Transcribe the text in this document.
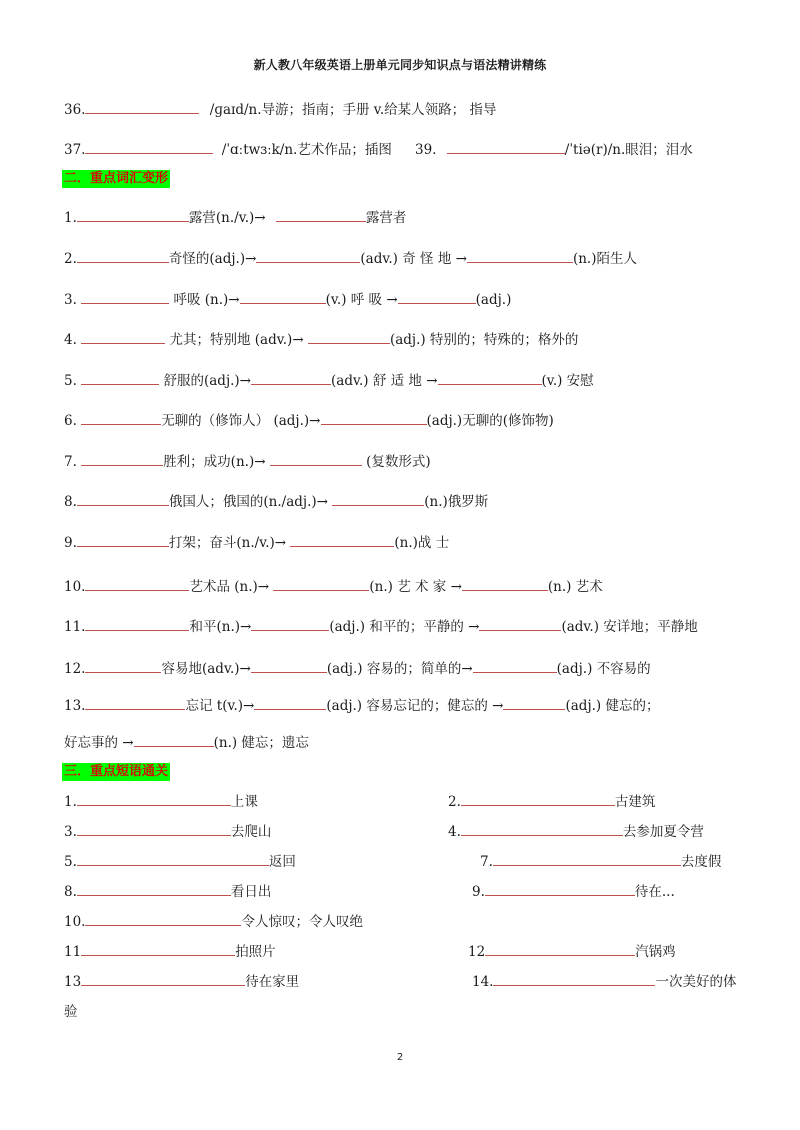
新人教八年级英语上册单元同步知识点与语法精讲精练
36.	/ɡaɪd/n.导游；指南；手册 v.给某人领路； 指导
37.	/ˈɑːtwɜːk/n.艺术作品；插图 39.	/ˈtiə(r)/n.眼泪；泪水
二．重点词汇变形
1.	露营(n./v.)→	露营者
2.	奇怪的(adj.)→	(adv.) 奇 怪 地 →	(n.)陌生人
3.	呼吸 (n.)→	(v.) 呼 吸 →	(adj.)
4.	尤其；特别地 (adv.)→	(adj.) 特别的；特殊的；格外的
5.	舒服的(adj.)→	(adv.) 舒 适 地 →	(v.) 安慰
6.	无聊的（修饰人） (adj.)→	(adj.)无聊的(修饰物)
7.	胜利；成功(n.)→	(复数形式)
8.	俄国人；俄国的(n./adj.)→	(n.)俄罗斯
9.	打架；奋斗(n./v.)→	(n.)战 士
10.	艺术品 (n.)→	(n.) 艺 术 家 →	(n.) 艺术
11.	和平(n.)→	(adj.) 和平的；平静的 →	(adv.) 安详地；平静地
12.	容易地(adv.)→	(adj.) 容易的；简单的→	(adj.) 不容易的
13.	忘记 t(v.)→	(adj.) 容易忘记的；健忘的 →	(adj.) 健忘的；
好忘事的 →	(n.) 健忘；遗忘
三．重点短语通关
1.	上课	2.	古建筑
3.	去爬山	4.	去参加夏令营
5.	返回	7.	去度假
8.	看日出	9.	待在...
10.	令人惊叹；令人叹绝
11	拍照片	12	汽锅鸡
13	待在家里	14.	一次美好的体
验
2
